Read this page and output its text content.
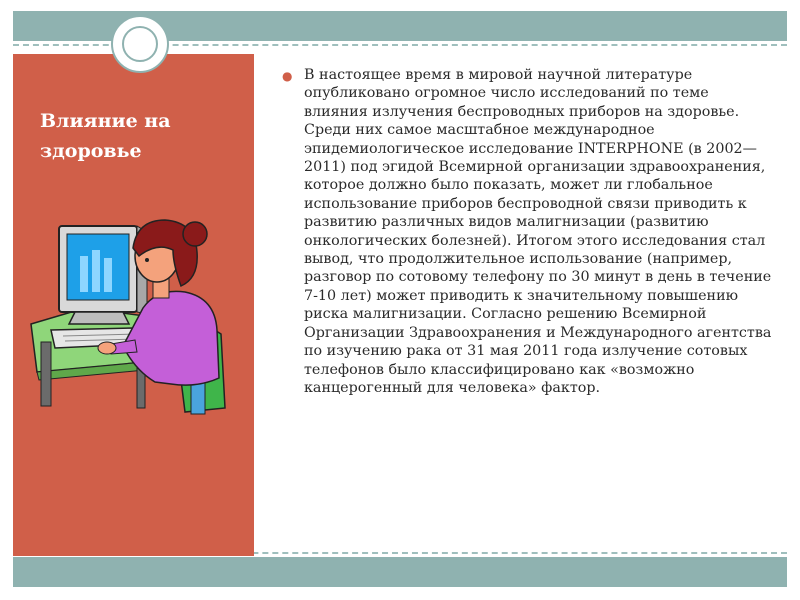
Влияние на здоровье
● В настоящее время в мировой научной литературе опубликовано огромное число исследований по теме влияния излучения беспроводных приборов на здоровье. Среди них самое масштабное международное эпидемиологическое исследование INTERPHONE (в 2002—2011) под эгидой Всемирной организации здравоохранения, которое должно было показать, может ли глобальное использование приборов беспроводной связи приводить к развитию различных видов малигнизации (развитию онкологических болезней). Итогом этого исследования стал вывод, что продолжительное использование (например, разговор по сотовому телефону по 30 минут в день в течение 7-10 лет) может приводить к значительному повышению риска малигнизации. Согласно решению Всемирной Организации Здравоохранения и Международного агентства по изучению рака от 31 мая 2011 года излучение сотовых телефонов было классифицировано как «возможно канцерогенный для человека» фактор.
